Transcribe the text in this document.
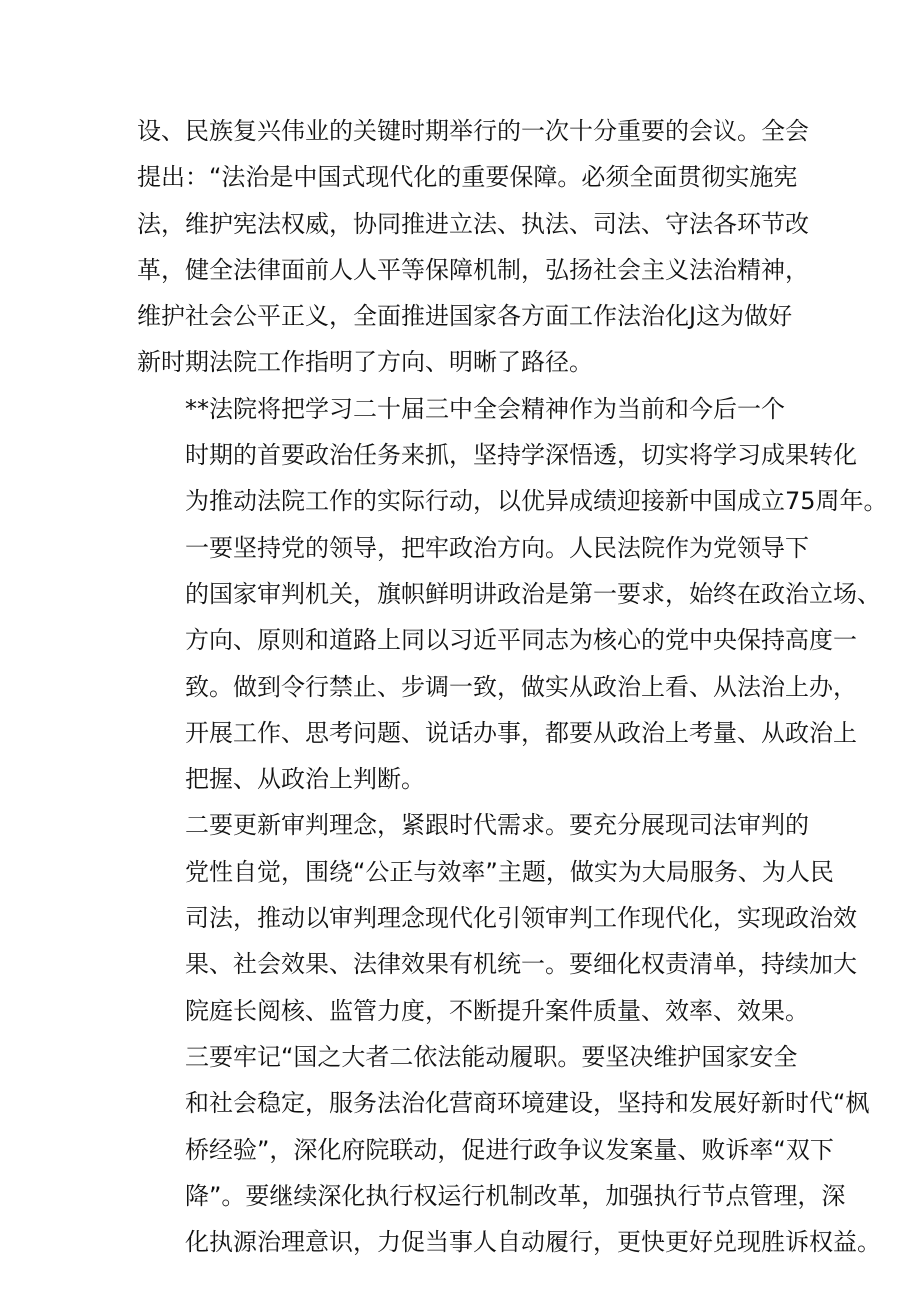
设、民族复兴伟业的关键时期举行的一次十分重要的会议。全会
提出：“法治是中国式现代化的重要保障。必须全面贯彻实施宪
法，维护宪法权威，协同推进立法、执法、司法、守法各环节改
革，健全法律面前人人平等保障机制，弘扬社会主义法治精神，
维护社会公平正义，全面推进国家各方面工作法治化J这为做好
新时期法院工作指明了方向、明晰了路径。
**法院将把学习二十届三中全会精神作为当前和今后一个
时期的首要政治任务来抓，坚持学深悟透，切实将学习成果转化
为推动法院工作的实际行动，以优异成绩迎接新中国成立75周年。
一要坚持党的领导，把牢政治方向。人民法院作为党领导下
的国家审判机关，旗帜鲜明讲政治是第一要求，始终在政治立场、
方向、原则和道路上同以习近平同志为核心的党中央保持高度一
致。做到令行禁止、步调一致，做实从政治上看、从法治上办，
开展工作、思考问题、说话办事，都要从政治上考量、从政治上
把握、从政治上判断。
二要更新审判理念，紧跟时代需求。要充分展现司法审判的
党性自觉，围绕“公正与效率”主题，做实为大局服务、为人民
司法，推动以审判理念现代化引领审判工作现代化，实现政治效
果、社会效果、法律效果有机统一。要细化权责清单，持续加大
院庭长阅核、监管力度，不断提升案件质量、效率、效果。
三要牢记“国之大者二依法能动履职。要坚决维护国家安全
和社会稳定，服务法治化营商环境建设，坚持和发展好新时代“枫
桥经验”，深化府院联动，促进行政争议发案量、败诉率“双下
降”。要继续深化执行权运行机制改革，加强执行节点管理，深
化执源治理意识，力促当事人自动履行，更快更好兑现胜诉权益。
